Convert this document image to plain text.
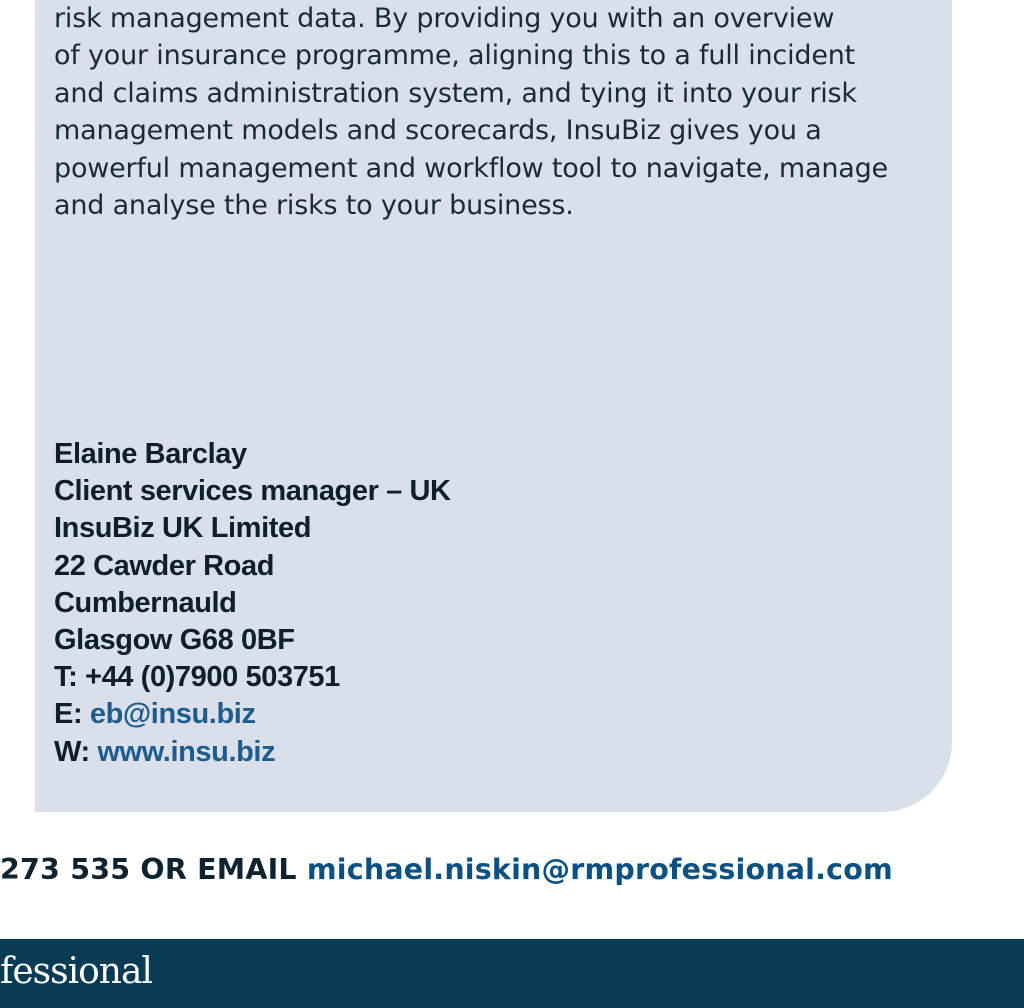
risk management data. By providing you with an overview
of your insurance programme, aligning this to a full incident
and claims administration system, and tying it into your risk
management models and scorecards, InsuBiz gives you a
powerful management and workflow tool to navigate, manage
and analyse the risks to your business.

Elaine Barclay
Client services manager – UK
InsuBiz UK Limited
22 Cawder Road
Cumbernauld
Glasgow G68 0BF
T: +44 (0)7900 503751
E: eb@insu.biz
W: www.insu.biz
273 535 OR EMAIL michael.niskin@rmprofessional.com
fessional
